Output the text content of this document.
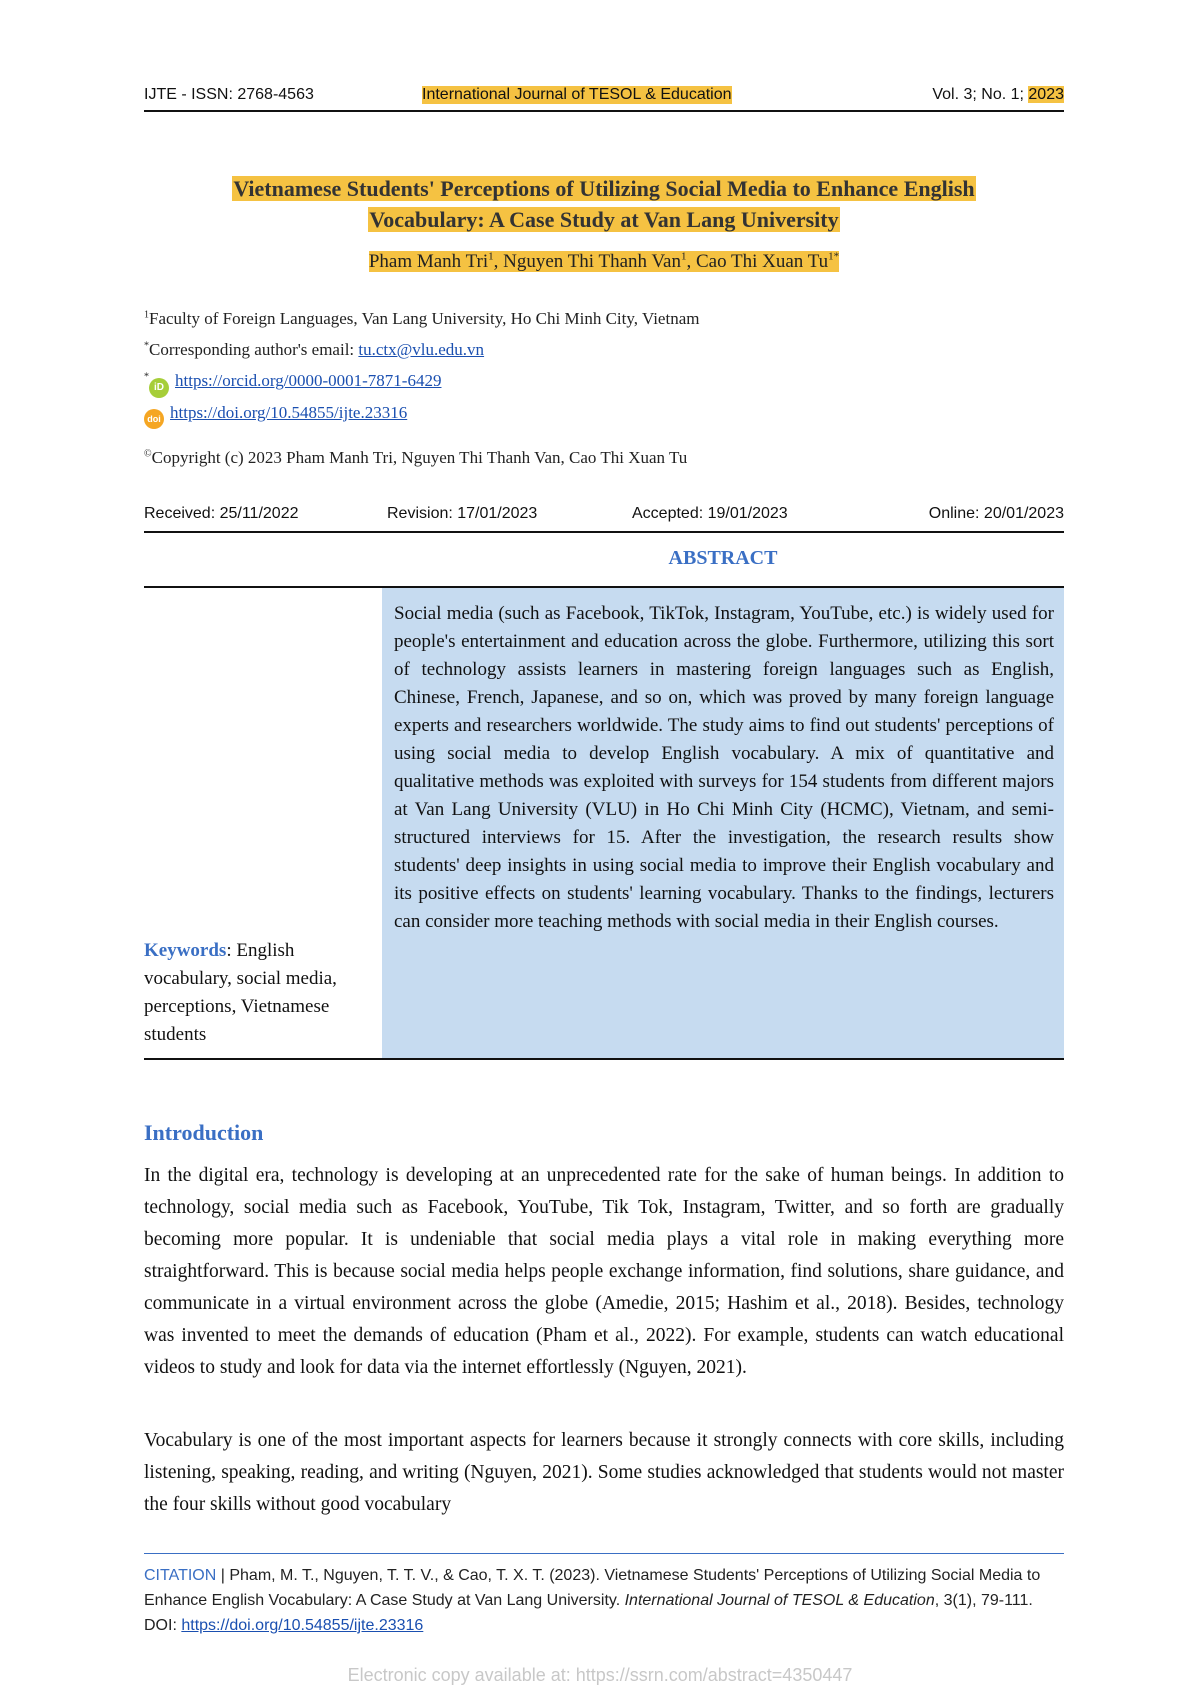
IJTE - ISSN: 2768-4563	International Journal of TESOL & Education	Vol. 3; No. 1; 2023
Vietnamese Students' Perceptions of Utilizing Social Media to Enhance English
Vocabulary: A Case Study at Van Lang University
Pham Manh Tri$^1$, Nguyen Thi Thanh Van$^1$, Cao Thi Xuan $Tu^{1*}$
$^1$Faculty of Foreign Languages, Van Lang University, Ho Chi Minh City, Vietnam
*Corresponding author's email: tu.ctx@vlu.edu.vn
*iD https://orcid.org/0000-0001-7871-6429
doi https://doi.org/10.54855/ijte.23316
©Copyright (c) 2023 Pham Manh Tri, Nguyen Thi Thanh Van, Cao Thi Xuan Tu
Received: 25/11/2022	Revision: 17/01/2023	Accepted: 19/01/2023	Online: 20/01/2023
ABSTRACT
Social media (such as Facebook, TikTok, Instagram, YouTube, etc.) is widely used for people's entertainment and education across the globe. Furthermore, utilizing this sort of technology assists learners in mastering foreign languages such as English, Chinese, French, Japanese, and so on, which was proved by many foreign language experts and researchers worldwide. The study aims to find out students' perceptions of using social media to develop English vocabulary. A mix of quantitative and qualitative methods was exploited with surveys for 154 students from different majors at Van Lang University (VLU) in Ho Chi Minh City (HCMC), Vietnam, and semi-structured interviews for 15. After the investigation, the research results show students' deep insights in using social media to improve their English vocabulary and its positive effects on students' learning vocabulary. Thanks to the findings, lecturers can consider more teaching methods with social media in their English courses.
Keywords: English vocabulary, social media, perceptions, Vietnamese students
Introduction
In the digital era, technology is developing at an unprecedented rate for the sake of human beings. In addition to technology, social media such as Facebook, YouTube, Tik Tok, Instagram, Twitter, and so forth are gradually becoming more popular. It is undeniable that social media plays a vital role in making everything more straightforward. This is because social media helps people exchange information, find solutions, share guidance, and communicate in a virtual environment across the globe (Amedie, 2015; Hashim et al., 2018). Besides, technology was invented to meet the demands of education (Pham et al., 2022). For example, students can watch educational videos to study and look for data via the internet effortlessly (Nguyen, 2021).
Vocabulary is one of the most important aspects for learners because it strongly connects with core skills, including listening, speaking, reading, and writing (Nguyen, 2021). Some studies acknowledged that students would not master the four skills without good vocabulary
CITATION | Pham, M. T., Nguyen, T. T. V., & Cao, T. X. T. (2023). Vietnamese Students' Perceptions of Utilizing Social Media to Enhance English Vocabulary: A Case Study at Van Lang University. International Journal of TESOL & Education, 3(1), 79-111. DOI: https://doi.org/10.54855/ijte.23316
Electronic copy available at: https://ssrn.com/abstract=4350447
